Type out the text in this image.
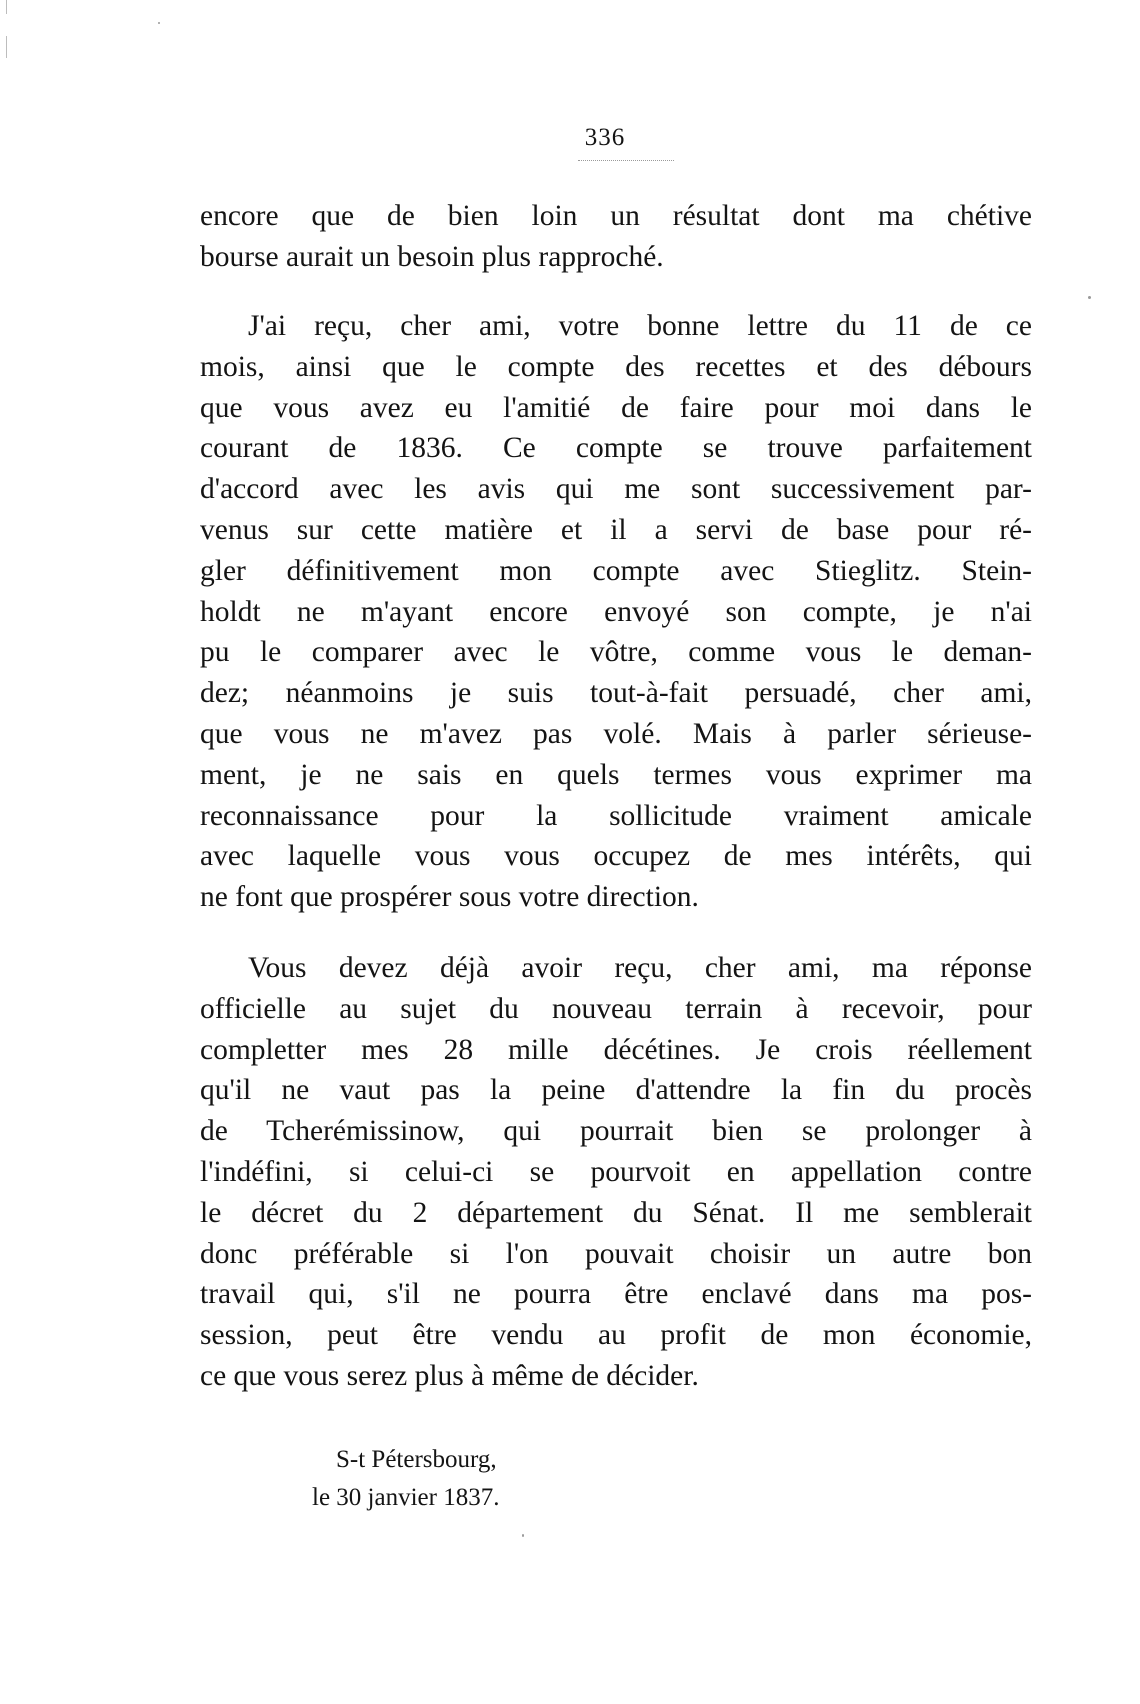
336
encore que de bien loin un résultat dont ma chétive
bourse aurait un besoin plus rapproché.
J'ai reçu, cher ami, votre bonne lettre du 11 de ce
mois, ainsi que le compte des recettes et des débours
que vous avez eu l'amitié de faire pour moi dans le
courant de 1836. Ce compte se trouve parfaitement
d'accord avec les avis qui me sont successivement par-
venus sur cette matière et il a servi de base pour ré-
gler définitivement mon compte avec Stieglitz. Stein-
holdt ne m'ayant encore envoyé son compte, je n'ai
pu le comparer avec le vôtre, comme vous le deman-
dez; néanmoins je suis tout-à-fait persuadé, cher ami,
que vous ne m'avez pas volé. Mais à parler sérieuse-
ment, je ne sais en quels termes vous exprimer ma
reconnaissance pour la sollicitude vraiment amicale
avec laquelle vous vous occupez de mes intérêts, qui
ne font que prospérer sous votre direction.
Vous devez déjà avoir reçu, cher ami, ma réponse
officielle au sujet du nouveau terrain à recevoir, pour
completter mes 28 mille décétines. Je crois réellement
qu'il ne vaut pas la peine d'attendre la fin du procès
de Tcherémissinow, qui pourrait bien se prolonger à
l'indéfini, si celui-ci se pourvoit en appellation contre
le décret du 2 département du Sénat. Il me semblerait
donc préférable si l'on pouvait choisir un autre bon
travail qui, s'il ne pourra être enclavé dans ma pos-
session, peut être vendu au profit de mon économie,
ce que vous serez plus à même de décider.
S-t Pétersbourg,
le 30 janvier 1837.
